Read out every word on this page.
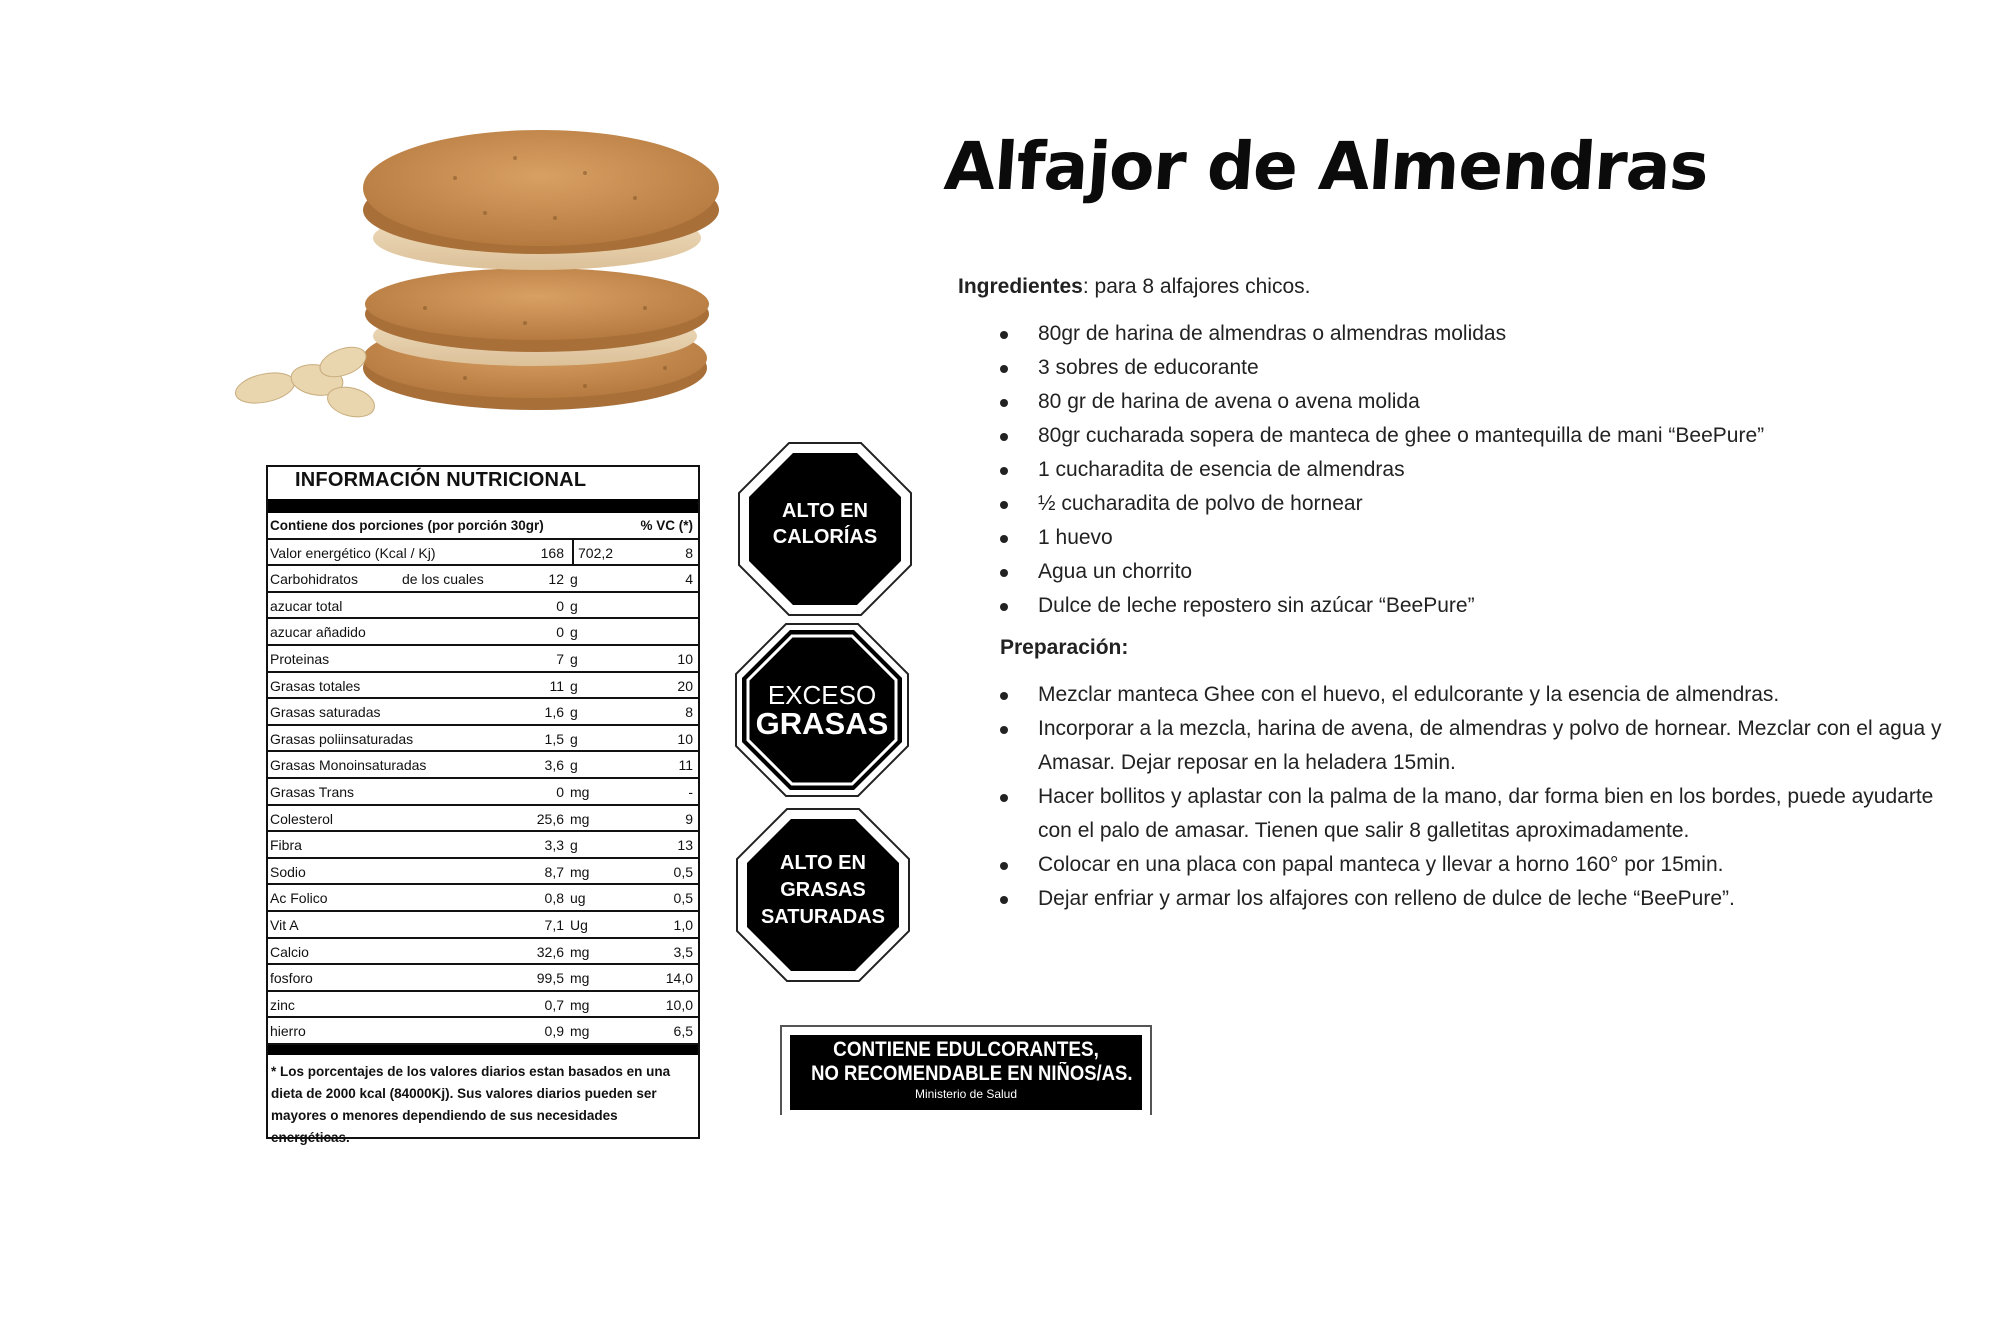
Alfajor de Almendras
Ingredientes: para 8 alfajores chicos.
80gr de harina de almendras o almendras molidas
3 sobres de educorante
80 gr de harina de avena o avena molida
80gr cucharada sopera de manteca de ghee o mantequilla de mani “BeePure”
1 cucharadita de esencia de almendras
½ cucharadita de polvo de hornear
1 huevo
Agua un chorrito
Dulce de leche repostero sin azúcar “BeePure”
Preparación:
Mezclar manteca Ghee con el huevo, el edulcorante y la esencia de almendras.
Incorporar a la mezcla, harina de avena, de almendras y polvo de hornear. Mezclar con el agua y Amasar. Dejar reposar en la heladera 15min.
Hacer bollitos y aplastar con la palma de la mano, dar forma bien en los bordes, puede ayudarte con el palo de amasar. Tienen que salir 8 galletitas aproximadamente.
Colocar en una placa con papal manteca y llevar a horno 160° por 15min.
Dejar enfriar y armar los alfajores con relleno de dulce de leche “BeePure”.
INFORMACIÓN NUTRICIONAL
Contiene dos porciones (por porción 30gr)	% VC (*)
Valor energético (Kcal / Kj)	168	702,2	8
Carbohidratos	de los cuales	12 g	4
azucar total	0 g
azucar añadido	0 g
Proteinas	7 g	10
Grasas totales	11 g	20
Grasas saturadas	1,6 g	8
Grasas poliinsaturadas	1,5 g	10
Grasas Monoinsaturadas	3,6 g	11
Grasas Trans	0 mg	-
Colesterol	25,6 mg	9
Fibra	3,3 g	13
Sodio	8,7 mg	0,5
Ac Folico	0,8 ug	0,5
Vit A	7,1 Ug	1,0
Calcio	32,6 mg	3,5
fosforo	99,5 mg	14,0
zinc	0,7 mg	10,0
hierro	0,9 mg	6,5
* Los porcentajes de los valores diarios estan basados en una dieta de 2000 kcal (84000Kj). Sus valores diarios pueden ser mayores o menores dependiendo de sus necesidades energéticas.
ALTO EN
CALORÍAS
EXCESO
GRASAS
ALTO EN
GRASAS
SATURADAS
CONTIENE EDULCORANTES,
NO RECOMENDABLE EN NIÑOS/AS.
Ministerio de Salud
